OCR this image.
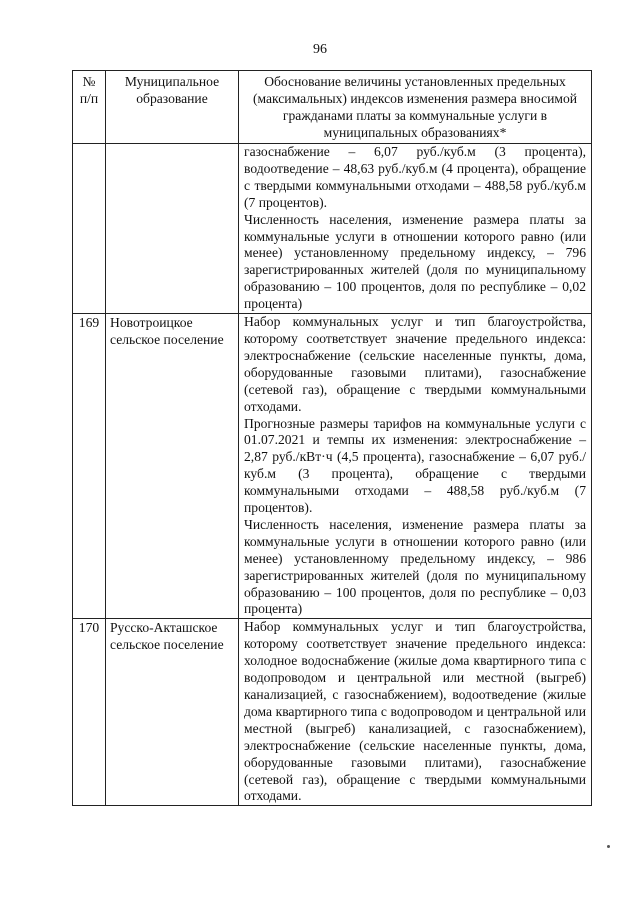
96
№ п/п	Муниципальное образование	Обоснование величины установленных предельных (максимальных) индексов изменения размера вносимой гражданами платы за коммунальные услуги в муниципальных образованиях*

		газоснабжение – 6,07 руб./куб.м (3 процента), водоотведение – 48,63 руб./куб.м (4 процента), обращение с твердыми коммунальными отходами – 488,58 руб./куб.м (7 процентов).

Численность населения, изменение размера платы за коммунальные услуги в отношении которого равно (или менее) установленному предельному индексу, – 796 зарегистрированных жителей (доля по муниципальному образованию – 100 процентов, доля по республике – 0,02 процента)

169	Новотроицкое сельское поселение	Набор коммунальных услуг и тип благоустройства, которому соответствует значение предельного индекса: электроснабжение (сельские населенные пункты, дома, оборудованные газовыми плитами), газоснабжение (сетевой газ), обращение с твердыми коммунальными отходами.

Прогнозные размеры тарифов на коммунальные услуги с 01.07.2021 и темпы их изменения: электроснабжение – 2,87 руб./кВт·ч (4,5 процента), газоснабжение – 6,07 руб./куб.м (3 процента), обращение с твердыми коммунальными отходами – 488,58 руб./куб.м (7 процентов).

Численность населения, изменение размера платы за коммунальные услуги в отношении которого равно (или менее) установленному предельному индексу, – 986 зарегистрированных жителей (доля по муниципальному образованию – 100 процентов, доля по республике – 0,03 процента)

170	Русско-Акташское сельское поселение	Набор коммунальных услуг и тип благоустройства, которому соответствует значение предельного индекса: холодное водоснабжение (жилые дома квартирного типа с водопроводом и центральной или местной (выгреб) канализацией, с газоснабжением), водоотведение (жилые дома квартирного типа с водопроводом и центральной или местной (выгреб) канализацией, с газоснабжением), электроснабжение (сельские населенные пункты, дома, оборудованные газовыми плитами), газоснабжение (сетевой газ), обращение с твердыми коммунальными отходами.
